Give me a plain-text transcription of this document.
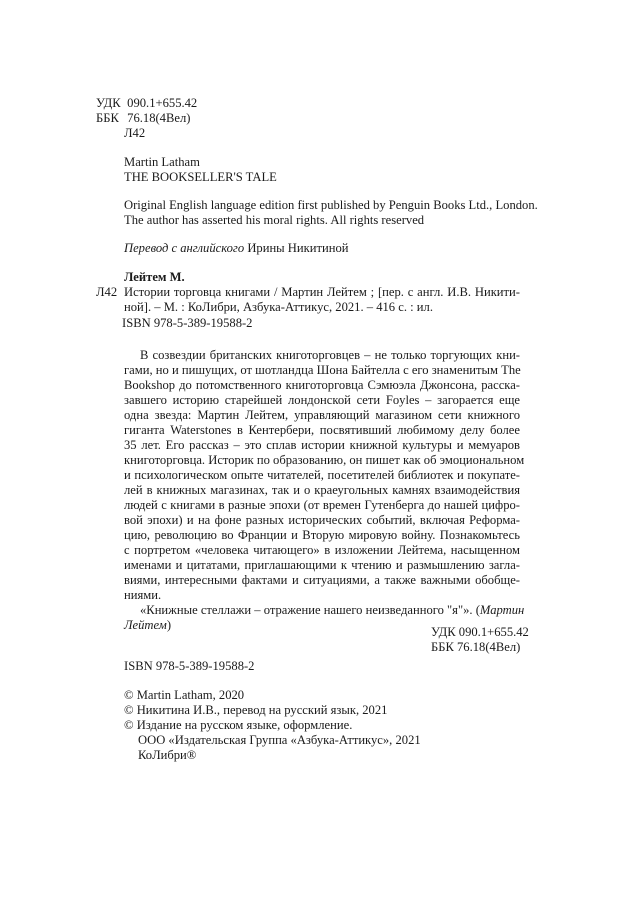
УДК 090.1+655.42
ББК 76.18(4Вел)
Л42
Martin Latham
THE BOOKSELLER'S TALE
Original English language edition first published by Penguin Books Ltd., London.
The author has asserted his moral rights. All rights reserved
Перевод с английского Ирины Никитиной
Лейтем М.
Л42 Истории торговца книгами / Мартин Лейтем ; [пер. с англ. И.В. Никити-
ной]. – М. : КоЛибри, Азбука-Аттикус, 2021. – 416 с. : ил.
ISBN 978-5-389-19588-2

В созвездии британских книготорговцев – не только торгующих кни-

гами, но и пишущих, от шотландца Шона Байтелла с его знаменитым The

Bookshop до потомственного книготорговца Сэмюэла Джонсона, расска-

завшего историю старейшей лондонской сети Foyles – загорается еще

одна звезда: Мартин Лейтем, управляющий магазином сети книжного

гиганта Waterstones в Кентербери, посвятивший любимому делу более

35 лет. Его рассказ – это сплав истории книжной культуры и мемуаров

книготорговца. Историк по образованию, он пишет как об эмоциональном

и психологическом опыте читателей, посетителей библиотек и покупате-

лей в книжных магазинах, так и о краеугольных камнях взаимодействия

людей с книгами в разные эпохи (от времен Гутенберга до нашей цифро-

вой эпохи) и на фоне разных исторических событий, включая Реформа-

цию, революцию во Франции и Вторую мировую войну. Познакомьтесь

с портретом «человека читающего» в изложении Лейтема, насыщенном

именами и цитатами, приглашающими к чтению и размышлению загла-

виями, интересными фактами и ситуациями, а также важными обобще-

ниями.

«Книжные стеллажи – отражение нашего неизведанного "я"». (Мартин

Лейтем)	УДК 090.1+655.42
ББК 76.18(4Вел)
ISBN 978-5-389-19588-2
© Martin Latham, 2020
© Никитина И.В., перевод на русский язык, 2021
© Издание на русском языке, оформление.
ООО «Издательская Группа «Азбука-Аттикус», 2021
КоЛибри®
